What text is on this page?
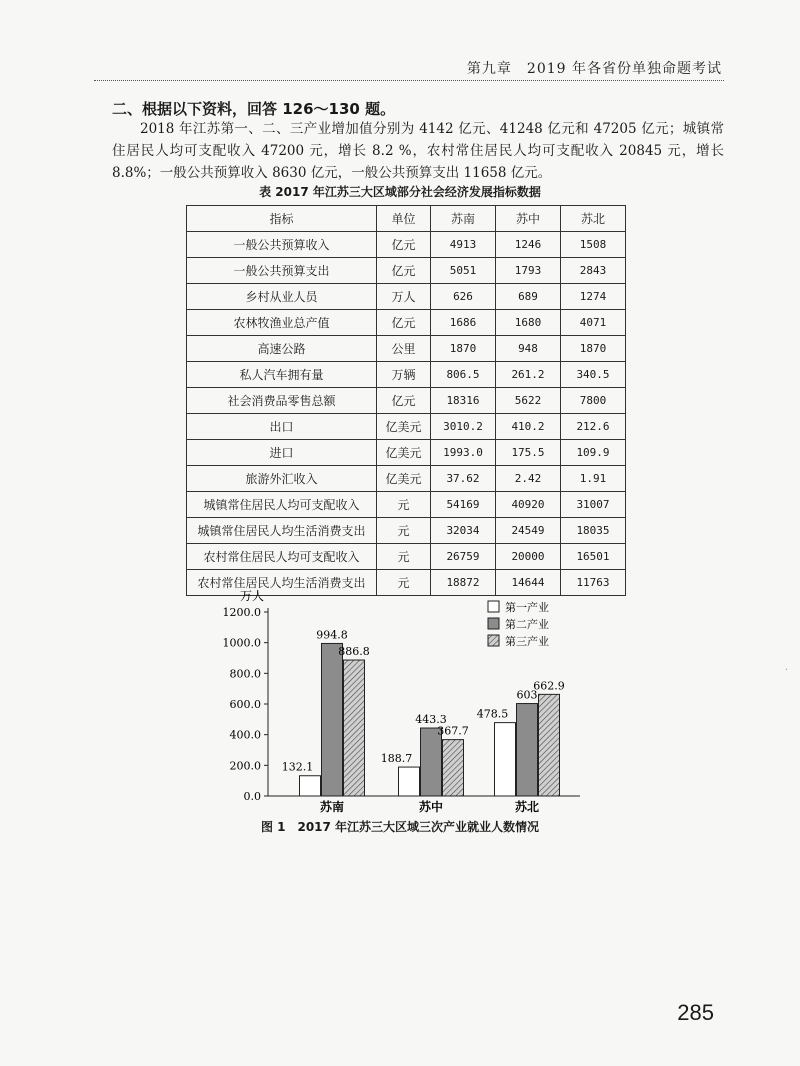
第九章　2019 年各省份单独命题考试
二、根据以下资料，回答 126～130 题。
2018 年江苏第一、二、三产业增加值分别为 4142 亿元、41248 亿元和 47205 亿元；城镇常住居民人均可支配收入 47200 元，增长 8.2 %，农村常住居民人均可支配收入 20845 元，增长 8.8%；一般公共预算收入 8630 亿元，一般公共预算支出 11658 亿元。
表 2017 年江苏三大区域部分社会经济发展指标数据
指标	单位	苏南	苏中	苏北
一般公共预算收入	亿元	4913	1246	1508
一般公共预算支出	亿元	5051	1793	2843
乡村从业人员	万人	626	689	1274
农林牧渔业总产值	亿元	1686	1680	4071
高速公路	公里	1870	948	1870
私人汽车拥有量	万辆	806.5	261.2	340.5
社会消费品零售总额	亿元	18316	5622	7800
出口	亿美元	3010.2	410.2	212.6
进口	亿美元	1993.0	175.5	109.9
旅游外汇收入	亿美元	37.62	2.42	1.91
城镇常住居民人均可支配收入	元	54169	40920	31007
城镇常住居民人均生活消费支出	元	32034	24549	18035
农村常住居民人均可支配收入	元	26759	20000	16501
农村常住居民人均生活消费支出	元	18872	14644	11763
万人
0.0
200.0
400.0
600.0
800.0
1000.0
1200.0
132.1
994.8
886.8
苏南
188.7
443.3
367.7
苏中
478.5
603
662.9
苏北
第一产业
第二产业
第三产业
图 1　2017 年江苏三大区域三次产业就业人数情况
285
·
